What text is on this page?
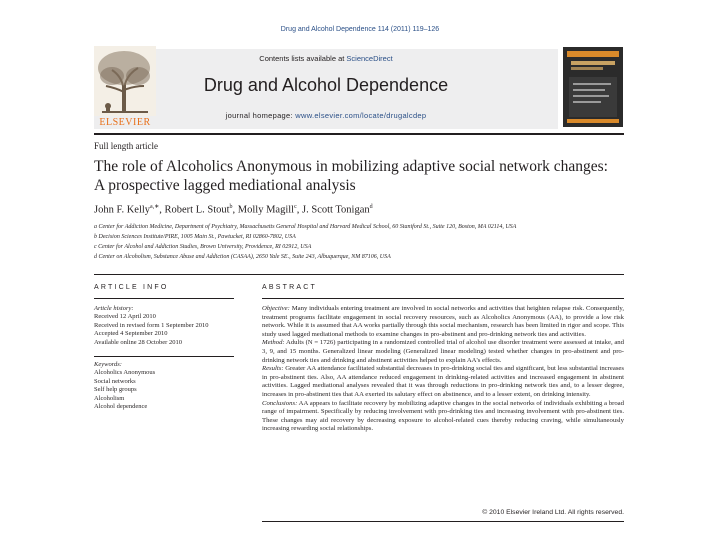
Drug and Alcohol Dependence 114 (2011) 119–126
Contents lists available at ScienceDirect
Drug and Alcohol Dependence
journal homepage: www.elsevier.com/locate/drugalcdep
ELSEVIER
Full length article
The role of Alcoholics Anonymous in mobilizing adaptive social network changes: A prospective lagged mediational analysis
John F. Kelly$^{a,∗}$, Robert L. Stout$^b$, Molly Magill$^c$, J. Scott Tonigan$^d$
a Center for Addiction Medicine, Department of Psychiatry, Massachusetts General Hospital and Harvard Medical School, 60 Staniford St., Suite 120, Boston, MA 02114, USA
b Decision Sciences Institute/PIRE, 1005 Main St., Pawtucket, RI 02860-7802, USA
c Center for Alcohol and Addiction Studies, Brown University, Providence, RI 02912, USA
d Center on Alcoholism, Substance Abuse and Addiction (CASAA), 2650 Yale SE., Suite 243, Albuquerque, NM 87106, USA
ARTICLE INFO	ABSTRACT
Article history:
Received 12 April 2010
Received in revised form 1 September 2010
Accepted 4 September 2010
Available online 28 October 2010
Keywords:
Alcoholics Anonymous
Social networks
Self help groups
Alcoholism
Alcohol dependence

Objective: Many individuals entering treatment are involved in social networks and activities that heighten relapse risk. Consequently, treatment programs facilitate engagement in social recovery resources, such as Alcoholics Anonymous (AA), to provide a low risk network. While it is assumed that AA works partially through this social mechanism, research has been limited in rigor and scope. This study used lagged mediational methods to examine changes in pro-abstinent and pro-drinking network ties and activities.

Method: Adults (N = 1726) participating in a randomized controlled trial of alcohol use disorder treatment were assessed at intake, and 3, 9, and 15 months. Generalized linear modeling (Generalized linear modeling) tested whether changes in pro-abstinent and pro-drinking network ties and drinking and abstinent activities helped to explain AA's effects.

Results: Greater AA attendance facilitated substantial decreases in pro-drinking social ties and significant, but less substantial increases in pro-abstinent ties. Also, AA attendance reduced engagement in drinking-related activities and increased engagement in abstinent activities. Lagged mediational analyses revealed that it was through reductions in pro-drinking network ties and, to a lesser degree, increases in pro-abstinent ties that AA exerted its salutary effect on abstinence, and to a lesser extent, on drinking intensity.

Conclusions: AA appears to facilitate recovery by mobilizing adaptive changes in the social networks of individuals exhibiting a broad range of impairment. Specifically by reducing involvement with pro-drinking ties and increasing involvement with pro-abstinent ties. These changes may aid recovery by decreasing exposure to alcohol-related cues thereby reducing craving, while simultaneously increasing rewarding social relationships.

© 2010 Elsevier Ireland Ltd. All rights reserved.
